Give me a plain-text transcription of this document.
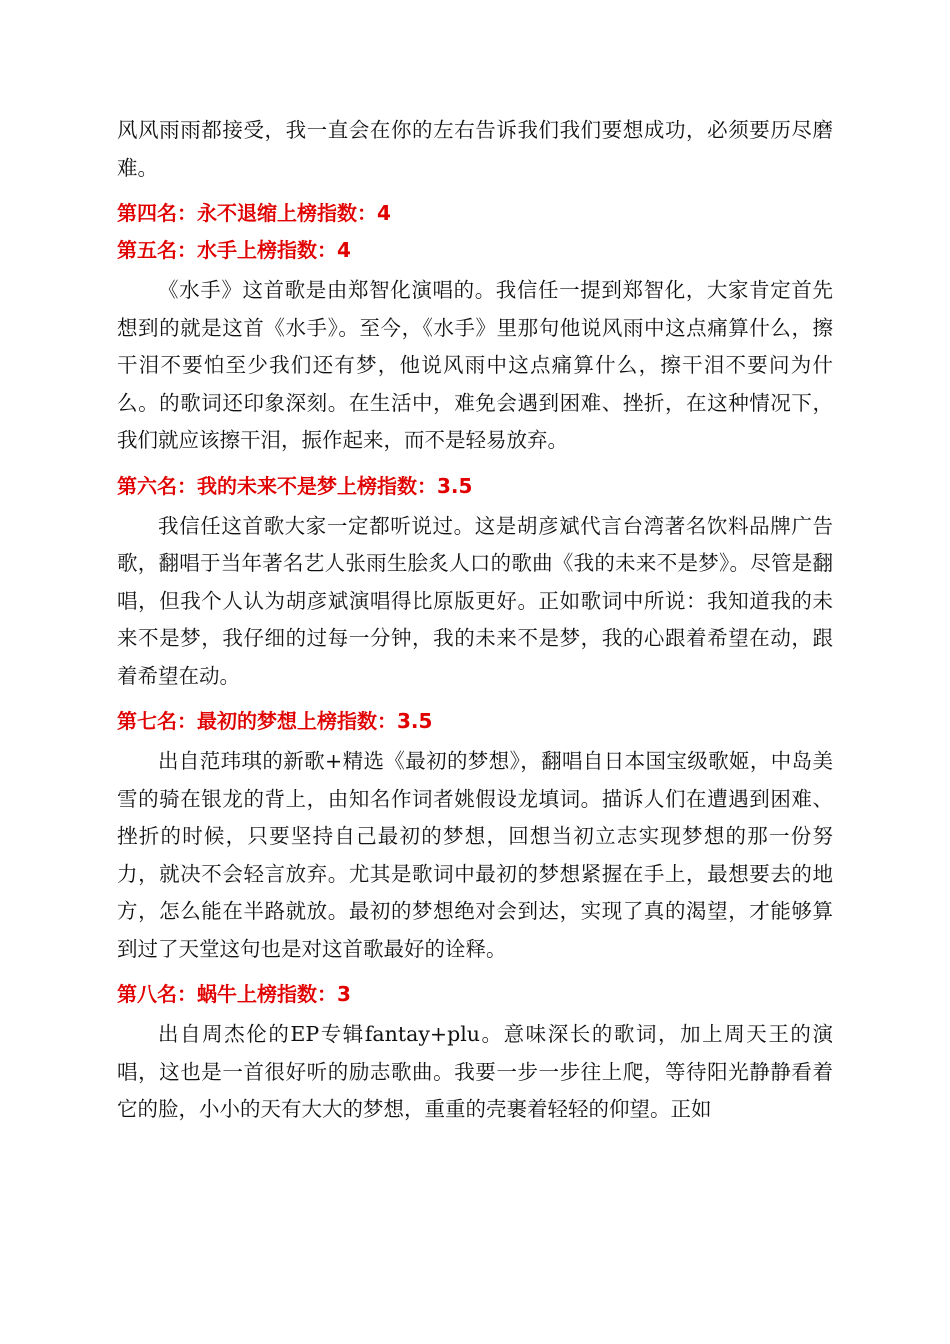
风风雨雨都接受，我一直会在你的左右告诉我们我们要想成功，必须要历尽磨难。

第四名：永不退缩上榜指数：4

第五名：水手上榜指数：4

《水手》这首歌是由郑智化演唱的。我信任一提到郑智化，大家肯定首先想到的就是这首《水手》。至今，《水手》里那句他说风雨中这点痛算什么，擦干泪不要怕至少我们还有梦，他说风雨中这点痛算什么，擦干泪不要问为什么。的歌词还印象深刻。在生活中，难免会遇到困难、挫折，在这种情况下，我们就应该擦干泪，振作起来，而不是轻易放弃。

第六名：我的未来不是梦上榜指数：3.5

我信任这首歌大家一定都听说过。这是胡彦斌代言台湾著名饮料品牌广告歌，翻唱于当年著名艺人张雨生脍炙人口的歌曲《我的未来不是梦》。尽管是翻唱，但我个人认为胡彦斌演唱得比原版更好。正如歌词中所说：我知道我的未来不是梦，我仔细的过每一分钟，我的未来不是梦，我的心跟着希望在动，跟着希望在动。

第七名：最初的梦想上榜指数：3.5

出自范玮琪的新歌+精选《最初的梦想》，翻唱自日本国宝级歌姬，中岛美雪的骑在银龙的背上，由知名作词者姚假设龙填词。描诉人们在遭遇到困难、挫折的时候，只要坚持自己最初的梦想，回想当初立志实现梦想的那一份努力，就决不会轻言放弃。尤其是歌词中最初的梦想紧握在手上，最想要去的地方，怎么能在半路就放。最初的梦想绝对会到达，实现了真的渴望，才能够算到过了天堂这句也是对这首歌最好的诠释。

第八名：蜗牛上榜指数：3

出自周杰伦的EP专辑fantay+plu。意味深长的歌词，加上周天王的演唱，这也是一首很好听的励志歌曲。我要一步一步往上爬，等待阳光静静看着它的脸，小小的天有大大的梦想，重重的壳裹着轻轻的仰望。正如
